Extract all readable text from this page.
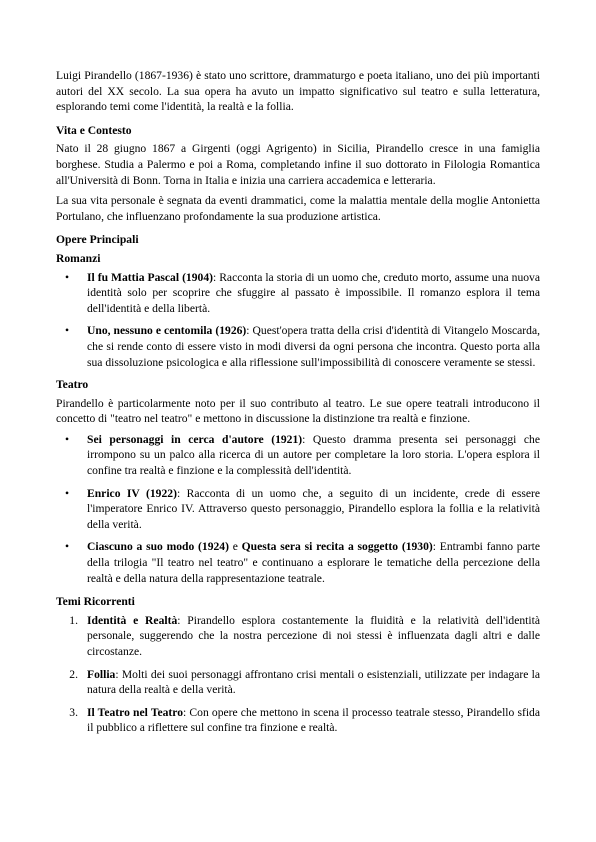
Luigi Pirandello (1867-1936) è stato uno scrittore, drammaturgo e poeta italiano, uno dei più importanti autori del XX secolo. La sua opera ha avuto un impatto significativo sul teatro e sulla letteratura, esplorando temi come l'identità, la realtà e la follia.

Vita e Contesto

Nato il 28 giugno 1867 a Girgenti (oggi Agrigento) in Sicilia, Pirandello cresce in una famiglia borghese. Studia a Palermo e poi a Roma, completando infine il suo dottorato in Filologia Romantica all'Università di Bonn. Torna in Italia e inizia una carriera accademica e letteraria.

La sua vita personale è segnata da eventi drammatici, come la malattia mentale della moglie Antonietta Portulano, che influenzano profondamente la sua produzione artistica.

Opere Principali
Romanzi
•	Il fu Mattia Pascal (1904): Racconta la storia di un uomo che, creduto morto, assume una nuova identità solo per scoprire che sfuggire al passato è impossibile. Il romanzo esplora il tema dell'identità e della libertà.
•	Uno, nessuno e centomila (1926): Quest'opera tratta della crisi d'identità di Vitangelo Moscarda, che si rende conto di essere visto in modi diversi da ogni persona che incontra. Questo porta alla sua dissoluzione psicologica e alla riflessione sull'impossibilità di conoscere veramente se stessi.
Teatro

Pirandello è particolarmente noto per il suo contributo al teatro. Le sue opere teatrali introducono il concetto di "teatro nel teatro" e mettono in discussione la distinzione tra realtà e finzione.

•	Sei personaggi in cerca d'autore (1921): Questo dramma presenta sei personaggi che irrompono su un palco alla ricerca di un autore per completare la loro storia. L'opera esplora il confine tra realtà e finzione e la complessità dell'identità.
•	Enrico IV (1922): Racconta di un uomo che, a seguito di un incidente, crede di essere l'imperatore Enrico IV. Attraverso questo personaggio, Pirandello esplora la follia e la relatività della verità.
•	Ciascuno a suo modo (1924) e Questa sera si recita a soggetto (1930): Entrambi fanno parte della trilogia "Il teatro nel teatro" e continuano a esplorare le tematiche della percezione della realtà e della natura della rappresentazione teatrale.
Temi Ricorrenti
1. Identità e Realtà: Pirandello esplora costantemente la fluidità e la relatività dell'identità personale, suggerendo che la nostra percezione di noi stessi è influenzata dagli altri e dalle circostanze.
2. Follia: Molti dei suoi personaggi affrontano crisi mentali o esistenziali, utilizzate per indagare la natura della realtà e della verità.
3. Il Teatro nel Teatro: Con opere che mettono in scena il processo teatrale stesso, Pirandello sfida il pubblico a riflettere sul confine tra finzione e realtà.
